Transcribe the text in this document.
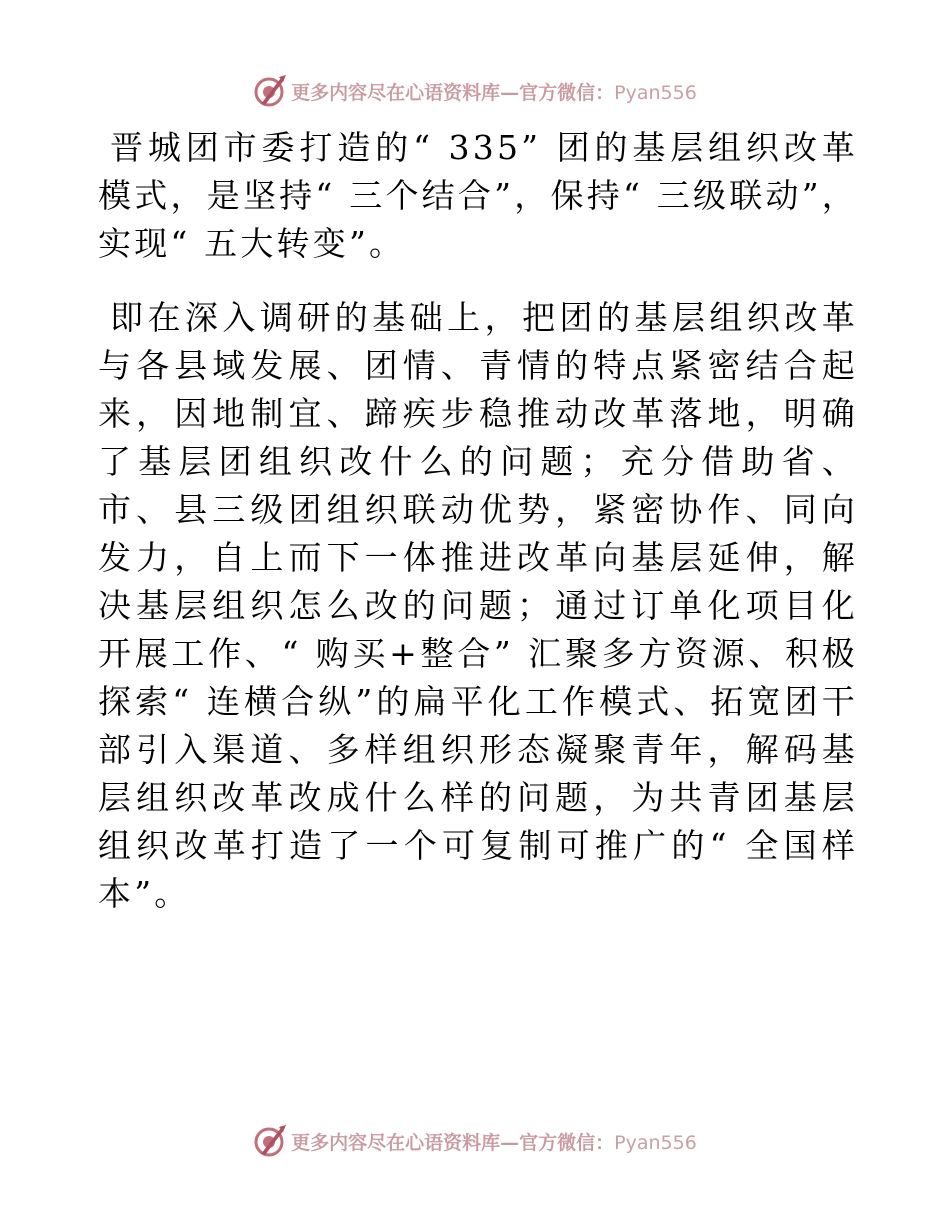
更多内容尽在心语资料库—官方微信：Pyan556

晋城团市委打造的“ 335” 团的基层组织改革模式，是坚持“ 三个结合”，保持“ 三级联动”，实现“ 五大转变”。

即在深入调研的基础上，把团的基层组织改革与各县域发展、团情、青情的特点紧密结合起来，因地制宜、蹄疾步稳推动改革落地，明确了基层团组织改什么的问题；充分借助省、市、县三级团组织联动优势，紧密协作、同向发力，自上而下一体推进改革向基层延伸，解决基层组织怎么改的问题；通过订单化项目化开展工作、“ 购买+整合” 汇聚多方资源、积极探索“ 连横合纵”的扁平化工作模式、拓宽团干部引入渠道、多样组织形态凝聚青年，解码基层组织改革改成什么样的问题，为共青团基层组织改革打造了一个可复制可推广的“ 全国样本”。

更多内容尽在心语资料库—官方微信：Pyan556
